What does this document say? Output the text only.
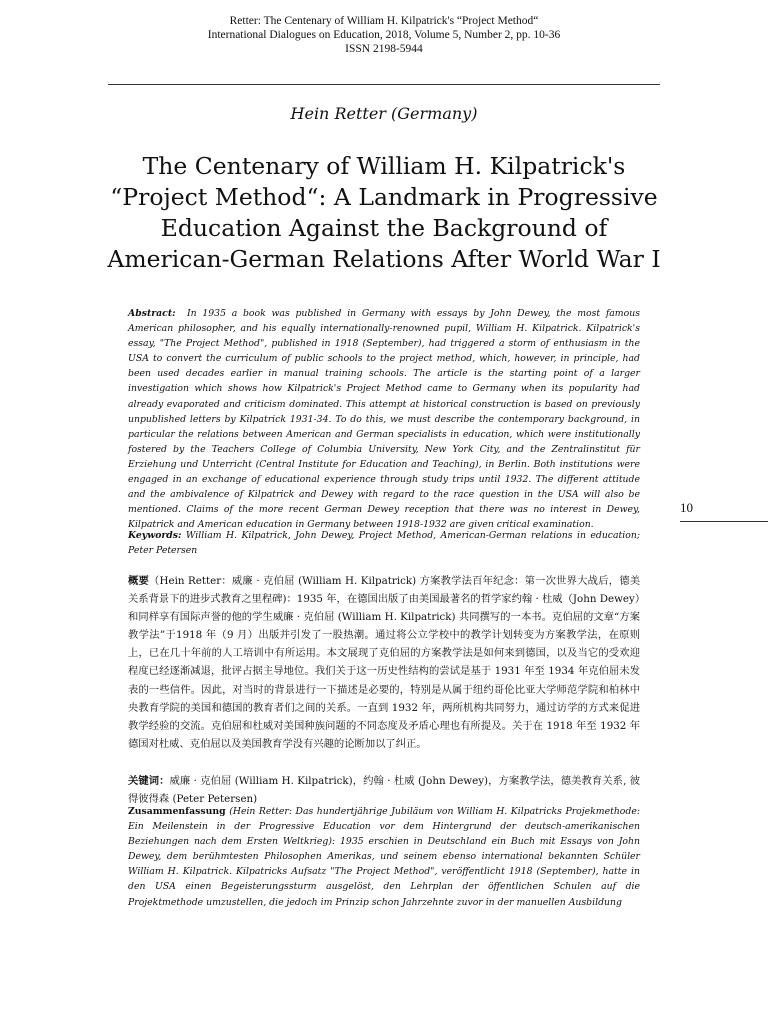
Retter: The Centenary of William H. Kilpatrick's “Project Method“
International Dialogues on Education, 2018, Volume 5, Number 2, pp. 10-36
ISSN 2198-5944
Hein Retter (Germany)
The Centenary of William H. Kilpatrick's
“Project Method“: A Landmark in Progressive
Education Against the Background of
American-German Relations After World War I
10
Abstract: In 1935 a book was published in Germany with essays by John Dewey, the most famous American philosopher, and his equally internationally-renowned pupil, William H. Kilpatrick. Kilpatrick's essay, "The Project Method", published in 1918 (September), had triggered a storm of enthusiasm in the USA to convert the curriculum of public schools to the project method, which, however, in principle, had been used decades earlier in manual training schools. The article is the starting point of a larger investigation which shows how Kilpatrick's Project Method came to Germany when its popularity had already evaporated and criticism dominated. This attempt at historical construction is based on previously unpublished letters by Kilpatrick 1931-34. To do this, we must describe the contemporary background, in particular the relations between American and German specialists in education, which were institutionally fostered by the Teachers College of Columbia University, New York City, and the Zentralinstitut für Erziehung und Unterricht (Central Institute for Education and Teaching), in Berlin. Both institutions were engaged in an exchange of educational experience through study trips until 1932. The different attitude and the ambivalence of Kilpatrick and Dewey with regard to the race question in the USA will also be mentioned. Claims of the more recent German Dewey reception that there was no interest in Dewey, Kilpatrick and American education in Germany between 1918-1932 are given critical examination.
Keywords: William H. Kilpatrick, John Dewey, Project Method, American-German relations in education; Peter Petersen
概要（Hein Retter：威廉 · 克伯屈 (William H. Kilpatrick) 方案教学法百年纪念：第一次世界大战后，德美关系背景下的进步式教育之里程碑)：1935 年，在德国出版了由美国最著名的哲学家约翰 · 杜威（John Dewey）和同样享有国际声誉的他的学生威廉 · 克伯屈 (William H. Kilpatrick) 共同撰写的一本书。克伯屈的文章“方案教学法”于1918 年（9 月）出版并引发了一股热潮。通过将公立学校中的教学计划转变为方案教学法，在原则上，已在几十年前的人工培训中有所运用。本文展现了克伯屈的方案教学法是如何来到德国，以及当它的受欢迎程度已经逐渐减退，批评占据主导地位。我们关于这一历史性结构的尝试是基于 1931 年至 1934 年克伯屈未发表的一些信件。因此，对当时的背景进行一下描述是必要的，特别是从属于纽约哥伦比亚大学师范学院和柏林中央教育学院的美国和德国的教育者们之间的关系。一直到 1932 年，两所机构共同努力，通过访学的方式来促进教学经验的交流。克伯屈和杜威对美国种族问题的不同态度及矛盾心理也有所提及。关于在 1918 年至 1932 年德国对杜威、克伯屈以及美国教育学没有兴趣的论断加以了纠正。
关键词：威廉 · 克伯屈 (William H. Kilpatrick)，约翰 · 杜威 (John Dewey)，方案教学法，德美教育关系, 彼得彼得森 (Peter Petersen)
Zusammenfassung (Hein Retter: Das hundertjährige Jubiläum von William H. Kilpatricks Projekmethode: Ein Meilenstein in der Progressive Education vor dem Hintergrund der deutsch-amerikanischen Beziehungen nach dem Ersten Weltkrieg): 1935 erschien in Deutschland ein Buch mit Essays von John Dewey, dem berühmtesten Philosophen Amerikas, und seinem ebenso international bekannten Schüler William H. Kilpatrick. Kilpatricks Aufsatz "The Project Method", veröffentlicht 1918 (September), hatte in den USA einen Begeisterungssturm ausgelöst, den Lehrplan der öffentlichen Schulen auf die Projektmethode umzustellen, die jedoch im Prinzip schon Jahrzehnte zuvor in der manuellen Ausbildung
